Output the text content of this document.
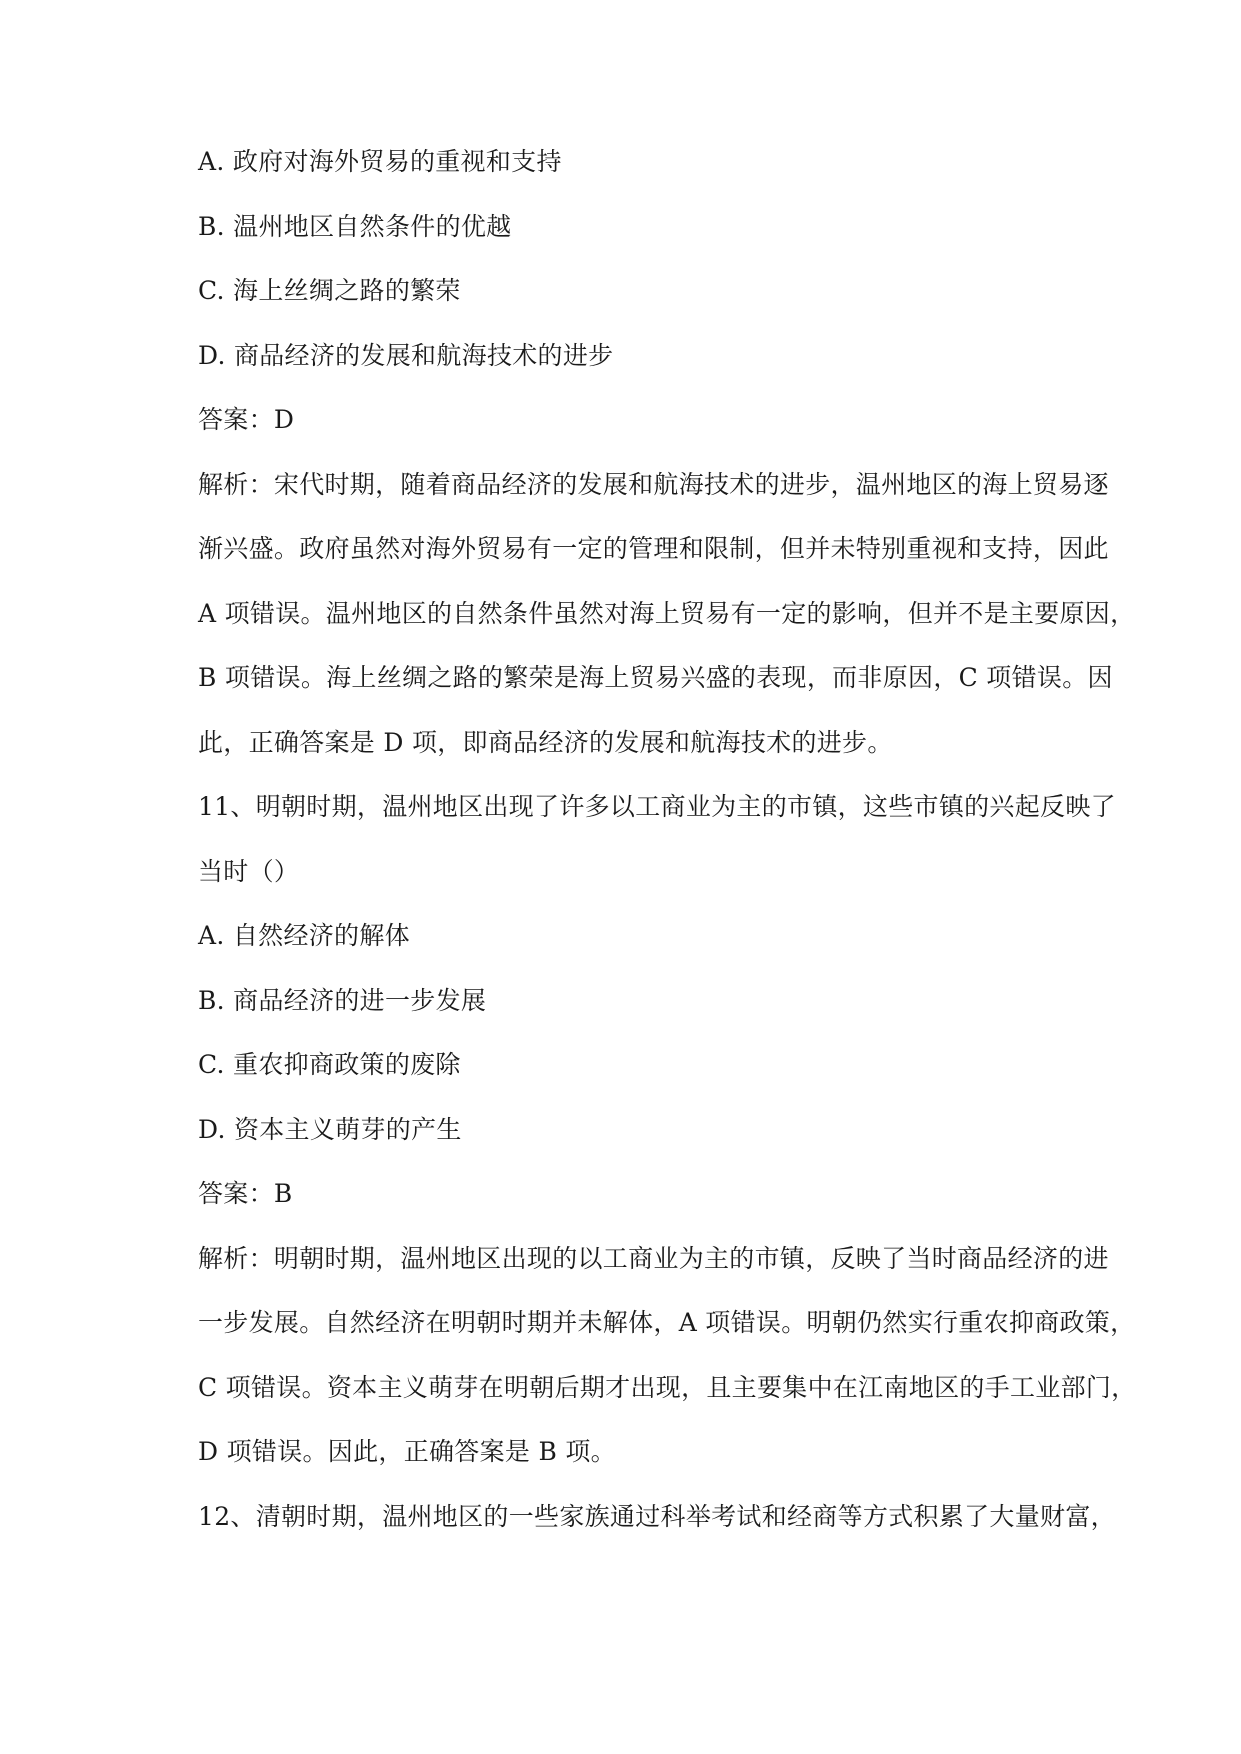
A. 政府对海外贸易的重视和支持
B. 温州地区自然条件的优越
C. 海上丝绸之路的繁荣
D. 商品经济的发展和航海技术的进步
答案：D
解析：宋代时期，随着商品经济的发展和航海技术的进步，温州地区的海上贸易逐
渐兴盛。政府虽然对海外贸易有一定的管理和限制，但并未特别重视和支持，因此
A 项错误。温州地区的自然条件虽然对海上贸易有一定的影响，但并不是主要原因，
B 项错误。海上丝绸之路的繁荣是海上贸易兴盛的表现，而非原因，C 项错误。因
此，正确答案是 D 项，即商品经济的发展和航海技术的进步。
11、明朝时期，温州地区出现了许多以工商业为主的市镇，这些市镇的兴起反映了
当时（）
A. 自然经济的解体
B. 商品经济的进一步发展
C. 重农抑商政策的废除
D. 资本主义萌芽的产生
答案：B
解析：明朝时期，温州地区出现的以工商业为主的市镇，反映了当时商品经济的进
一步发展。自然经济在明朝时期并未解体，A 项错误。明朝仍然实行重农抑商政策，
C 项错误。资本主义萌芽在明朝后期才出现，且主要集中在江南地区的手工业部门，
D 项错误。因此，正确答案是 B 项。
12、清朝时期，温州地区的一些家族通过科举考试和经商等方式积累了大量财富，
